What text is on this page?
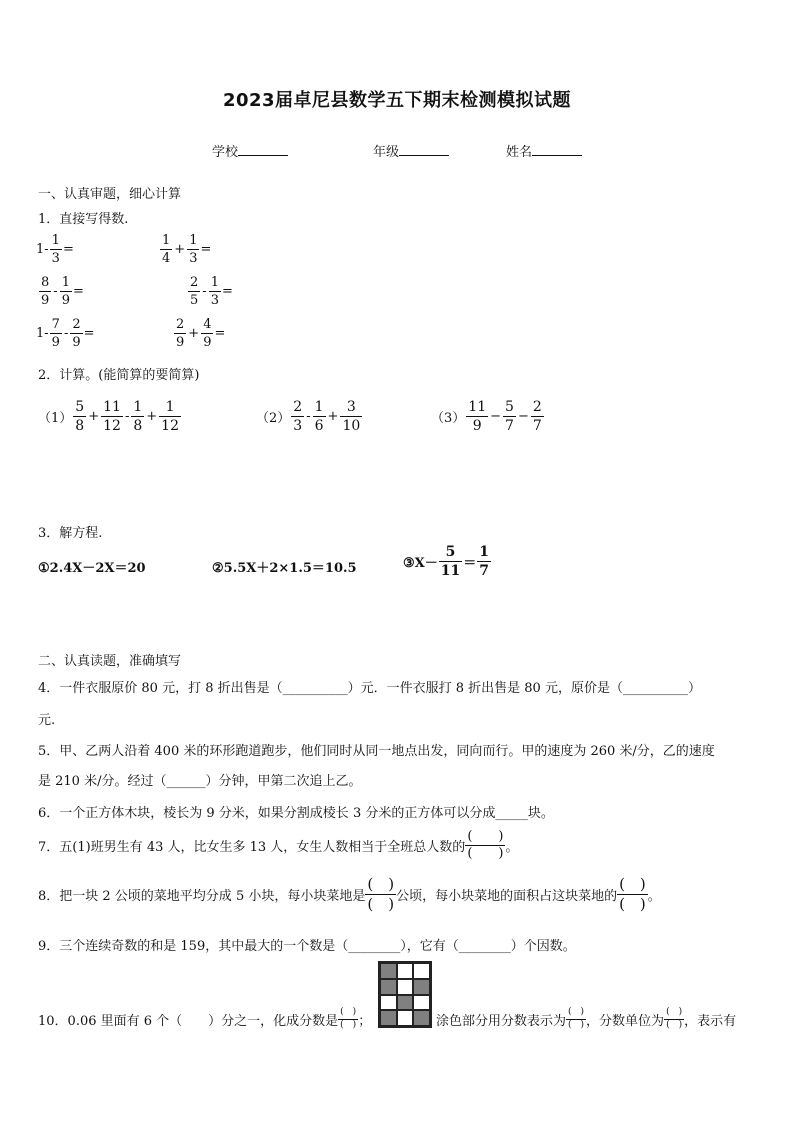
2023届卓尼县数学五下期末检测模拟试题
学校	年级	姓名
一、认真审题，细心计算
1．直接写得数.
$1- \frac{1}{3}$ =	$\frac{1}{4} + \frac{1}{3}$ =
$\frac{8}{9} - \frac{1}{9}$ =	$\frac{2}{5} - \frac{1}{3}$ =
$1- \frac{7}{9} - \frac{2}{9}$ =	$\frac{2}{9} + \frac{4}{9}$ =
2．计算。(能简算的要简算)
$(1) \frac{5}{8} + \frac{11}{12} - \frac{1}{8} + \frac{1}{12}$	$(2) \frac{2}{3} - \frac{1}{6} + \frac{3}{10}$	$(3) \frac{11}{9} - \frac{5}{7} - \frac{2}{7}$
3．解方程.
①2.4X－2X＝20	②5.5X＋2×1.5＝10.5	③X－ $\frac{5}{11} = \frac{1}{7}$
二、认真读题，准确填写
4．一件衣服原价 80 元，打 8 折出售是（__________）元．一件衣服打 8 折出售是 80 元，原价是（__________）
元.
5．甲、乙两人沿着 400 米的环形跑道跑步，他们同时从同一地点出发，同向而行。甲的速度为 260 米/分，乙的速度
是 210 米/分。经过（______）分钟，甲第二次追上乙。
6．一个正方体木块，棱长为 9 分米，如果分割成棱长 3 分米的正方体可以分成_____块。
7．五(1)班男生有 43 人，比女生多 13 人，女生人数相当于全班总人数的 $\frac{( )}{( )}$ 。
8．把一块 2 公顷的菜地平均分成 5 小块，每小块菜地是 $\frac{( )}{( )}$ 公顷，每小块菜地的面积占这块菜地的 $\frac{( )}{( )}$ 。
9．三个连续奇数的和是 159，其中最大的一个数是（________），它有（________）个因数。
10．0.06 里面有 6 个（　　）分之一，化成分数是 $\frac{( )}{( )}$ ；	涂色部分用分数表示为 $\frac{( )}{( )}$ ，分数单位为 $\frac{( )}{( )}$ ，表示有
